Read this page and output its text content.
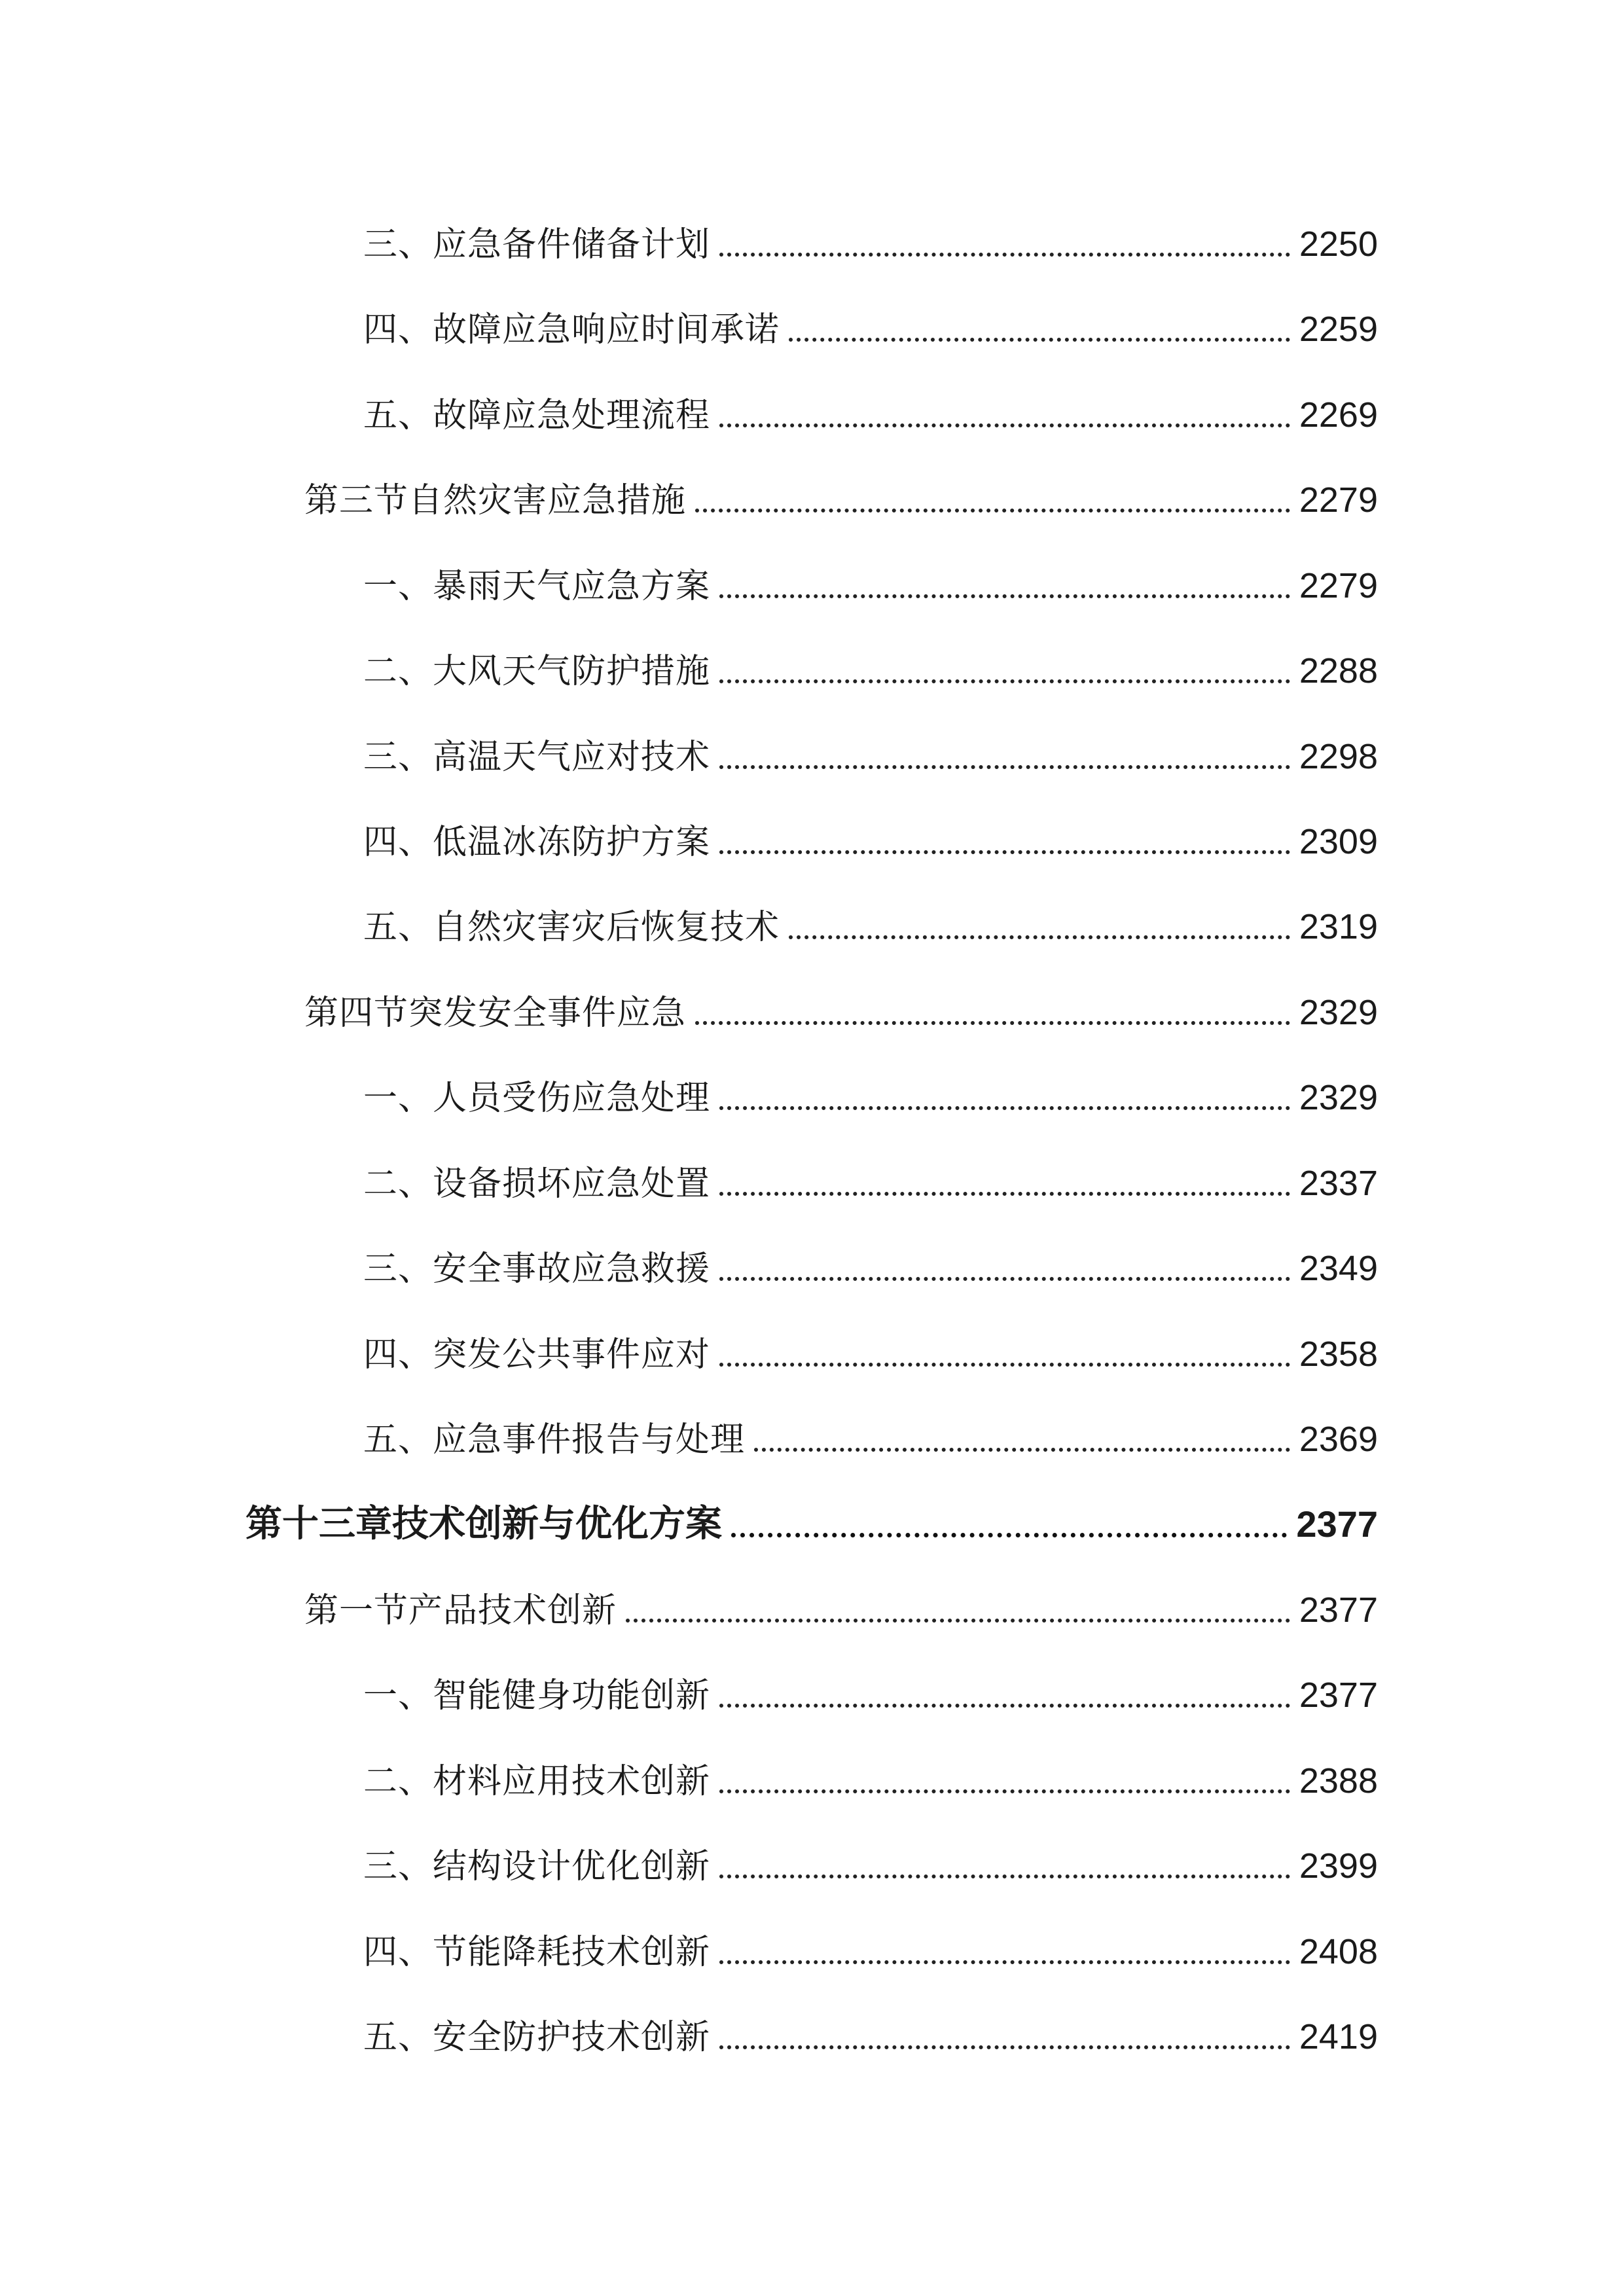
三、应急备件储备计划	2250
四、故障应急响应时间承诺	2259
五、故障应急处理流程	2269
第三节自然灾害应急措施	2279
一、暴雨天气应急方案	2279
二、大风天气防护措施	2288
三、高温天气应对技术	2298
四、低温冰冻防护方案	2309
五、自然灾害灾后恢复技术	2319
第四节突发安全事件应急	2329
一、人员受伤应急处理	2329
二、设备损坏应急处置	2337
三、安全事故应急救援	2349
四、突发公共事件应对	2358
五、应急事件报告与处理	2369
第十三章技术创新与优化方案	2377
第一节产品技术创新	2377
一、智能健身功能创新	2377
二、材料应用技术创新	2388
三、结构设计优化创新	2399
四、节能降耗技术创新	2408
五、安全防护技术创新	2419
